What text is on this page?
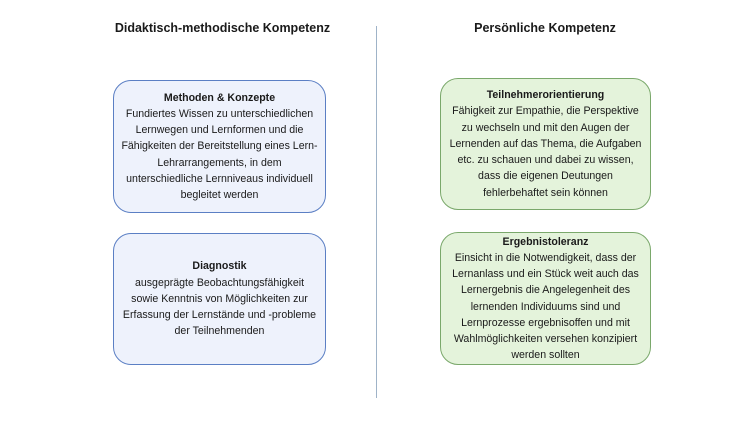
Didaktisch-methodische Kompetenz	Persönliche Kompetenz
Methoden & Konzepte
Fundiertes Wissen zu unterschiedlichen Lernwegen und Lernformen und die Fähigkeiten der Bereitstellung eines Lern-Lehrarrangements, in dem unterschiedliche Lernniveaus individuell begleitet werden
Diagnostik
ausgeprägte Beobachtungsfähigkeit sowie Kenntnis von Möglichkeiten zur Erfassung der Lernstände und -probleme der Teilnehmenden
Teilnehmerorientierung
Fähigkeit zur Empathie, die Perspektive zu wechseln und mit den Augen der Lernenden auf das Thema, die Aufgaben etc. zu schauen und dabei zu wissen, dass die eigenen Deutungen fehlerbehaftet sein können
Ergebnistoleranz
Einsicht in die Notwendigkeit, dass der Lernanlass und ein Stück weit auch das Lernergebnis die Angelegenheit des lernenden Individuums sind und Lernprozesse ergebnisoffen und mit Wahlmöglichkeiten versehen konzipiert werden sollten
